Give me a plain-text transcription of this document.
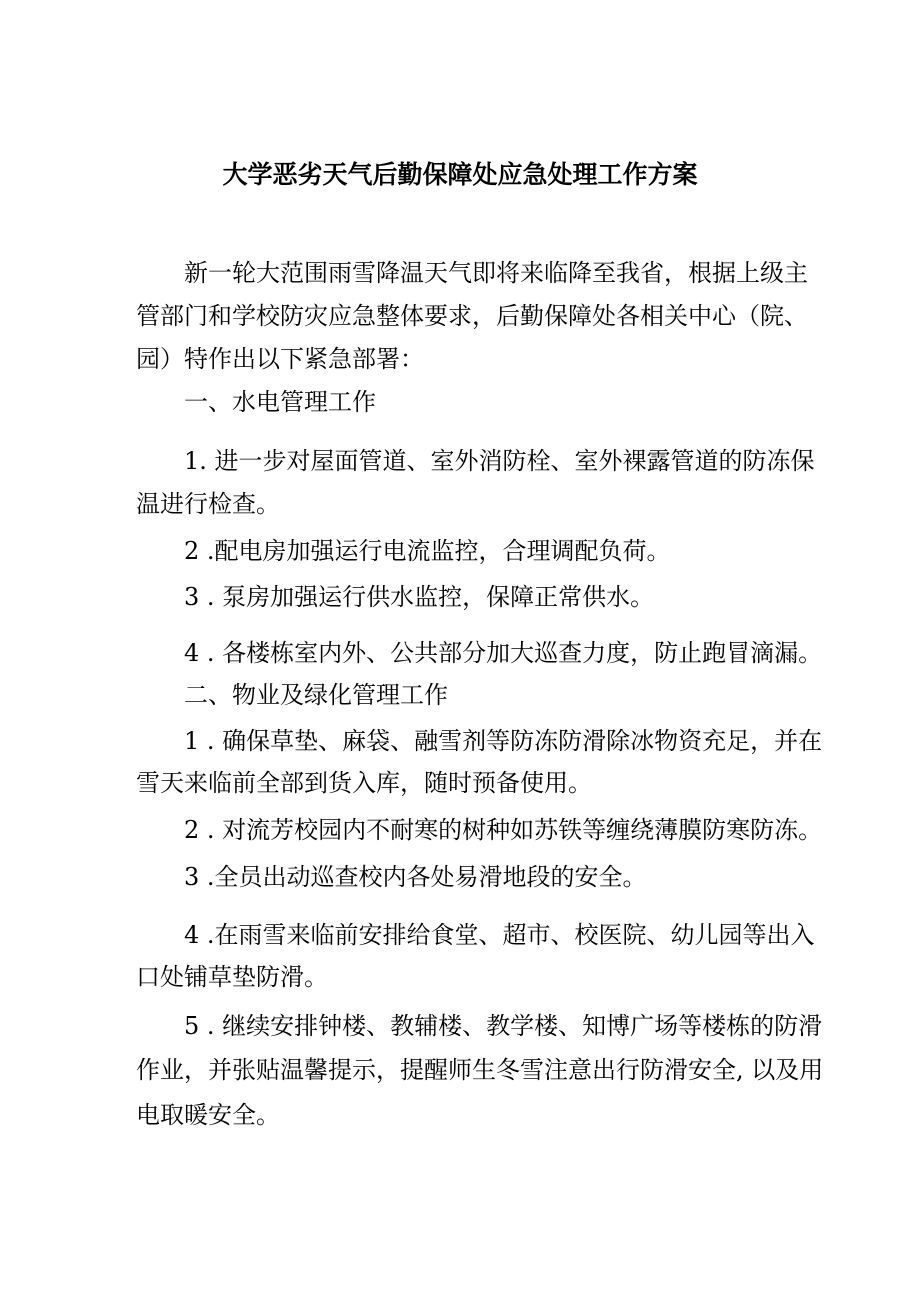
大学恶劣天气后勤保障处应急处理工作方案

新一轮大范围雨雪降温天气即将来临降至我省，根据上级主

管部门和学校防灾应急整体要求，后勤保障处各相关中心（院、

园）特作出以下紧急部署：

一、水电管理工作

1. 进一步对屋面管道、室外消防栓、室外裸露管道的防冻保

温进行检查。

2 .配电房加强运行电流监控，合理调配负荷。

3 . 泵房加强运行供水监控，保障正常供水。

4 . 各楼栋室内外、公共部分加大巡查力度，防止跑冒滴漏。

二、物业及绿化管理工作

1 . 确保草垫、麻袋、融雪剂等防冻防滑除冰物资充足，并在

雪天来临前全部到货入库，随时预备使用。

2 . 对流芳校园内不耐寒的树种如苏铁等缠绕薄膜防寒防冻。

3 .全员出动巡查校内各处易滑地段的安全。

4 .在雨雪来临前安排给食堂、超市、校医院、幼儿园等出入

口处铺草垫防滑。

5 . 继续安排钟楼、教辅楼、教学楼、知博广场等楼栋的防滑

作业，并张贴温馨提示，提醒师生冬雪注意出行防滑安全, 以及用

电取暖安全。
